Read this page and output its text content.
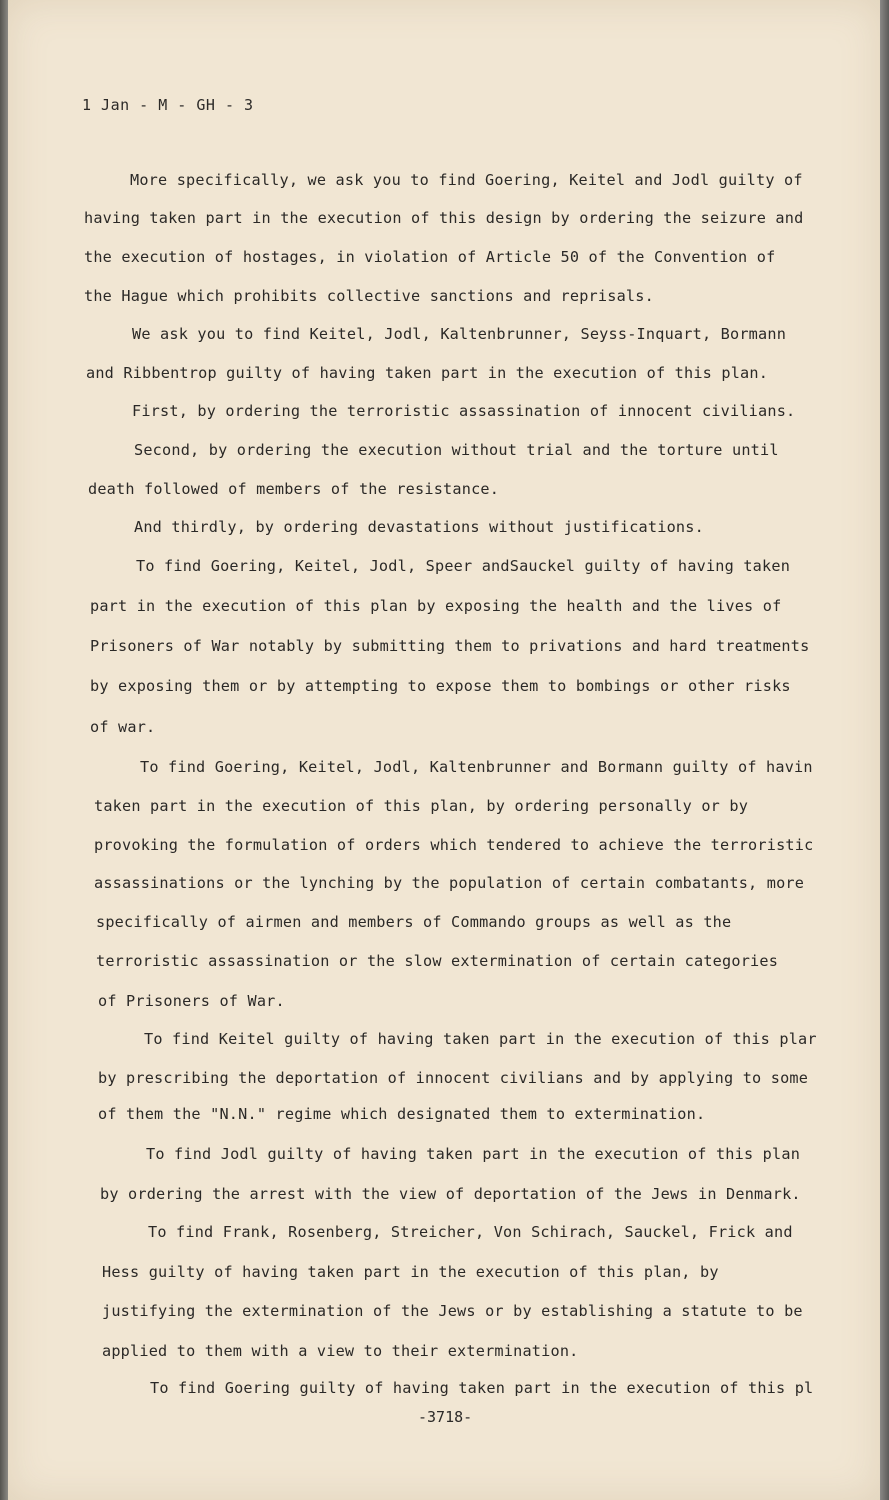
1 Jan - M - GH - 3
More specifically, we ask you to find Goering, Keitel and Jodl guilty of
having taken part in the execution of this design by ordering the seizure and
the execution of hostages, in violation of Article 50 of the Convention of
the Hague which prohibits collective sanctions and reprisals.
We ask you to find Keitel, Jodl, Kaltenbrunner, Seyss-Inquart, Bormann
and Ribbentrop guilty of having taken part in the execution of this plan.
First, by ordering the terroristic assassination of innocent civilians.
Second, by ordering the execution without trial and the torture until
death followed of members of the resistance.
And thirdly, by ordering devastations without justifications.
To find Goering, Keitel, Jodl, Speer andSauckel guilty of having taken
part in the execution of this plan by exposing the health and the lives of
Prisoners of War notably by submitting them to privations and hard treatments
by exposing them or by attempting to expose them to bombings or other risks
of war.
To find Goering, Keitel, Jodl, Kaltenbrunner and Bormann guilty of havin
taken part in the execution of this plan, by ordering personally or by
provoking the formulation of orders which tendered to achieve the terroristic
assassinations or the lynching by the population of certain combatants, more
specifically of airmen and members of Commando groups as well as the
terroristic assassination or the slow extermination of certain categories
of Prisoners of War.
To find Keitel guilty of having taken part in the execution of this plar
by prescribing the deportation of innocent civilians and by applying to some
of them the "N.N." regime which designated them to extermination.
To find Jodl guilty of having taken part in the execution of this plan
by ordering the arrest with the view of deportation of the Jews in Denmark.
To find Frank, Rosenberg, Streicher, Von Schirach, Sauckel, Frick and
Hess guilty of having taken part in the execution of this plan, by
justifying the extermination of the Jews or by establishing a statute to be
applied to them with a view to their extermination.
To find Goering guilty of having taken part in the execution of this pl
-3718-
